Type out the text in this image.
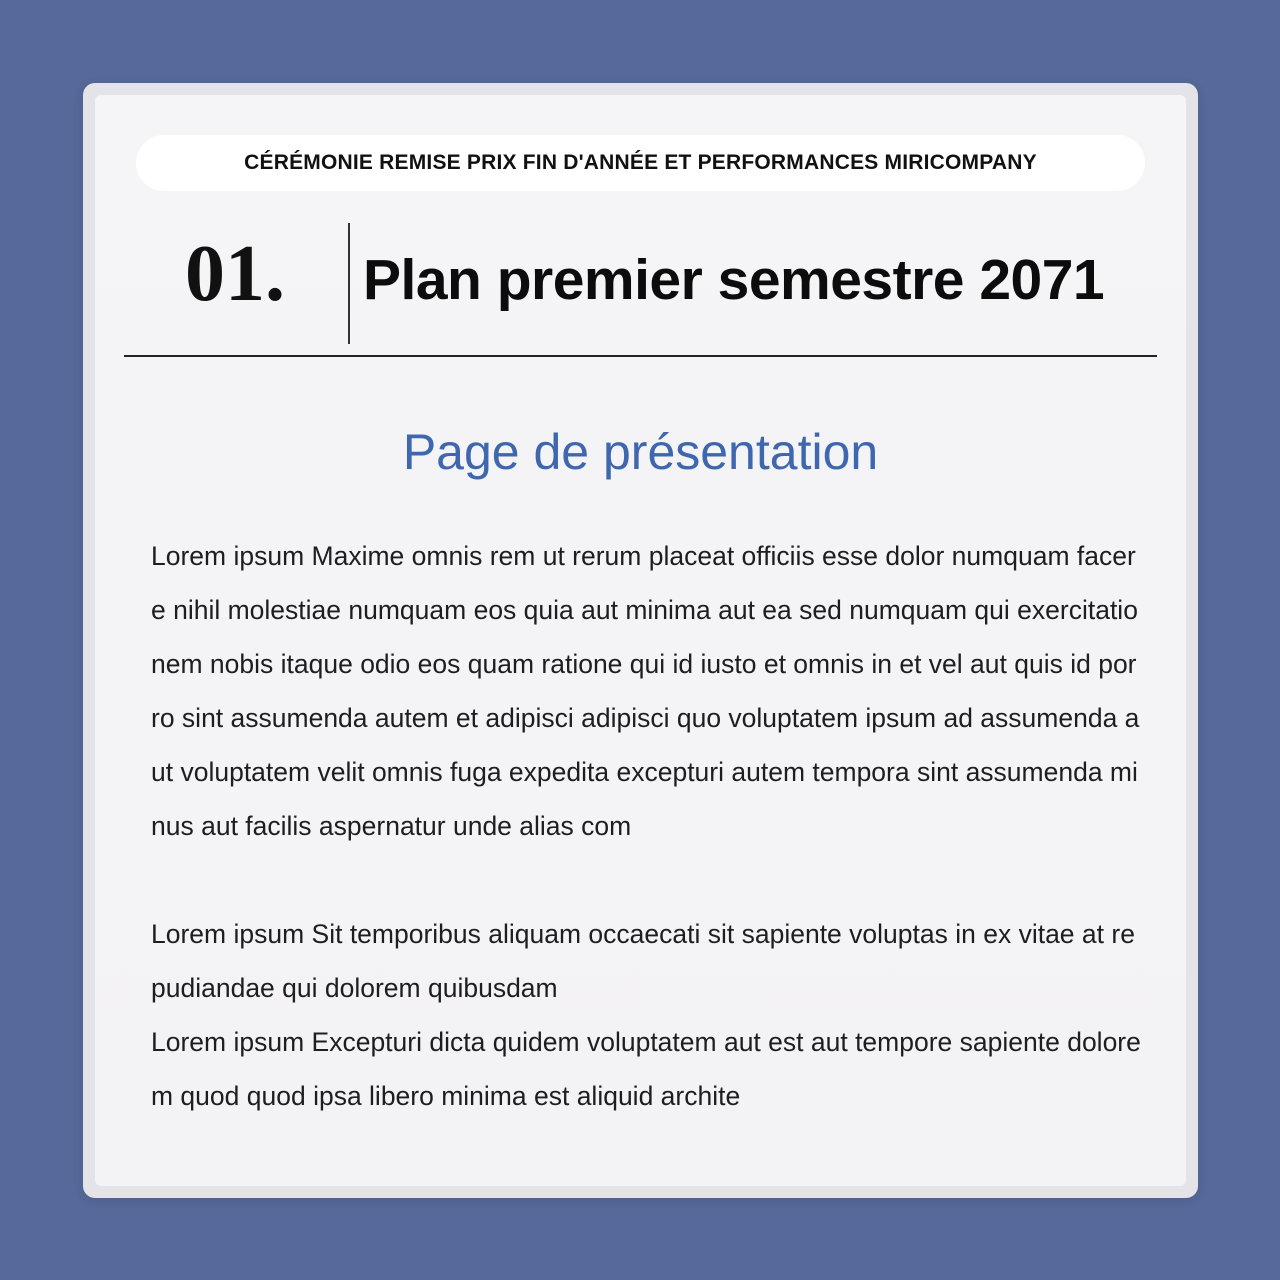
CÉRÉMONIE REMISE PRIX FIN D'ANNÉE ET PERFORMANCES MIRICOMPANY
01. Plan premier semestre 2071
Page de présentation

Lorem ipsum Maxime omnis rem ut rerum placeat officiis esse dolor numquam facere nihil molestiae numquam eos quia aut minima aut ea sed numquam qui exercitationem nobis itaque odio eos quam ratione qui id iusto et omnis in et vel aut quis id porro sint assumenda autem et adipisci adipisci quo voluptatem ipsum ad assumenda aut voluptatem velit omnis fuga expedita excepturi autem tempora sint assumenda minus aut facilis aspernatur unde alias com

Lorem ipsum Sit temporibus aliquam occaecati sit sapiente voluptas in ex vitae at repudiandae qui dolorem quibusdam

Lorem ipsum Excepturi dicta quidem voluptatem aut est aut tempore sapiente dolorem quod quod ipsa libero minima est aliquid archite
